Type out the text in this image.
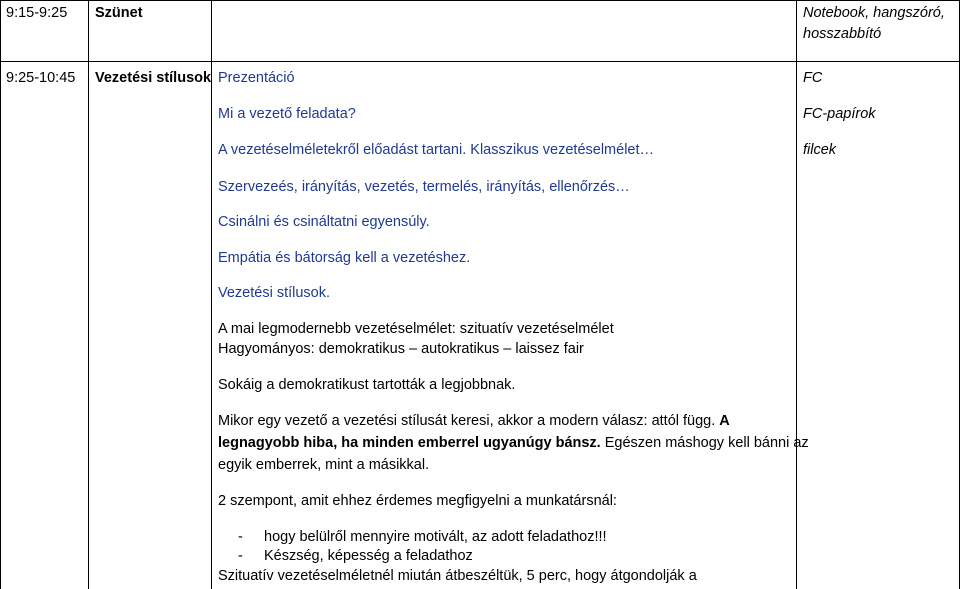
9:15-9:25 Szünet	Notebook, hangszóró,
hosszabbító
9:25-10:45 Vezetési stílusok	FC
FC-papírok
filcek
Prezentáció
Mi a vezető feladata?
A vezetéselméletekről előadást tartani. Klasszikus vezetéselmélet…
Szervezeés, irányítás, vezetés, termelés, irányítás, ellenőrzés…
Csinálni és csináltatni egyensúly.
Empátia és bátorság kell a vezetéshez.
Vezetési stílusok.
A mai legmodernebb vezetéselmélet: szituatív vezetéselmélet
Hagyományos: demokratikus – autokratikus – laissez fair
Sokáig a demokratikust tartották a legjobbnak.
Mikor egy vezető a vezetési stílusát keresi, akkor a modern válasz: attól függ. A
legnagyobb hiba, ha minden emberrel ugyanúgy bánsz. Egészen máshogy kell bánni az
egyik emberrek, mint a másikkal.
2 szempont, amit ehhez érdemes megfigyelni a munkatársnál:
- hogy belülről mennyire motivált, az adott feladathoz!!!
- Készség, képesség a feladathoz
Szituatív vezetéselméletnél miután átbeszéltük, 5 perc, hogy átgondolják a
